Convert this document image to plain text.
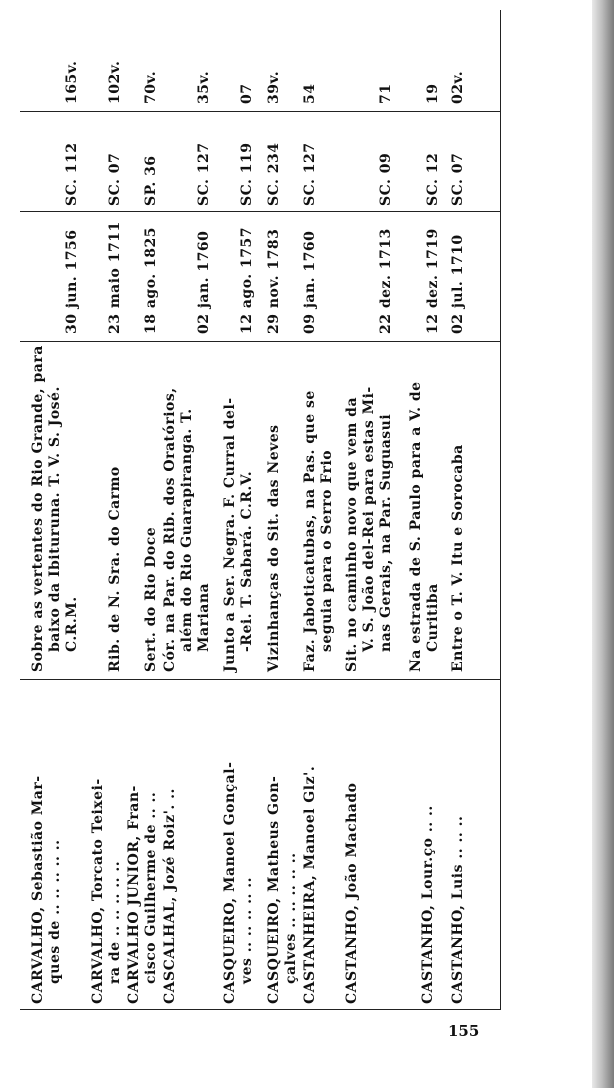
CARVALHO, Sebastião Mar- ques de .. .. .. .. ..
Sobre as vertentes do Rio Grande, para baixo da Ibituruna. T. V. S. José. C.R.M.
30 jun. 1756
SC. 112
165v.
CARVALHO, Torcato Teixei- ra de .. .. .. .. ..
Rib. de N. Sra. do Carmo
23 maio 1711
SC. 07
102v.
CARVALHO JUNIOR, Fran- cisco Guilherme de .. ..
Sert. do Rio Doce
18 ago. 1825
SP. 36
70v.
CASCALHAL, Jozé Roiz'. ..
Cór. na Par. do Rib. dos Oratórios, além do Rio Guarapiranga. T. Mariana
02 jan. 1760
SC. 127
35v.
CASQUEIRO, Manoel Gonçal- ves .. .. .. .. ..
Junto a Ser. Negra. F. Curral del- -Rei. T. Sabará. C.R.V.
12 ago. 1757
SC. 119
07
CASQUEIRO, Matheus Gon- çalves .. .. .. .. ..
Vizinhanças do Sit. das Neves
29 nov. 1783
SC. 234
39v.
CASTANHEIRA, Manoel Glz'.
Faz. Jaboticatubas, na Pas. que se seguia para o Serro Frio
09 jan. 1760
SC. 127
54
CASTANHO, João Machado
Sit. no caminho novo que vem da V. S. João del-Rei para estas Mi- nas Gerais, na Par. Suguasui
22 dez. 1713
SC. 09
71
CASTANHO, Lour.ço .. ..
Na estrada de S. Paulo para a V. de Curitiba
12 dez. 1719
SC. 12
19
CASTANHO, Luis .. .. ..
Entre o T. V. Itu e Sorocaba
02 jul. 1710
SC. 07
02v.
155
